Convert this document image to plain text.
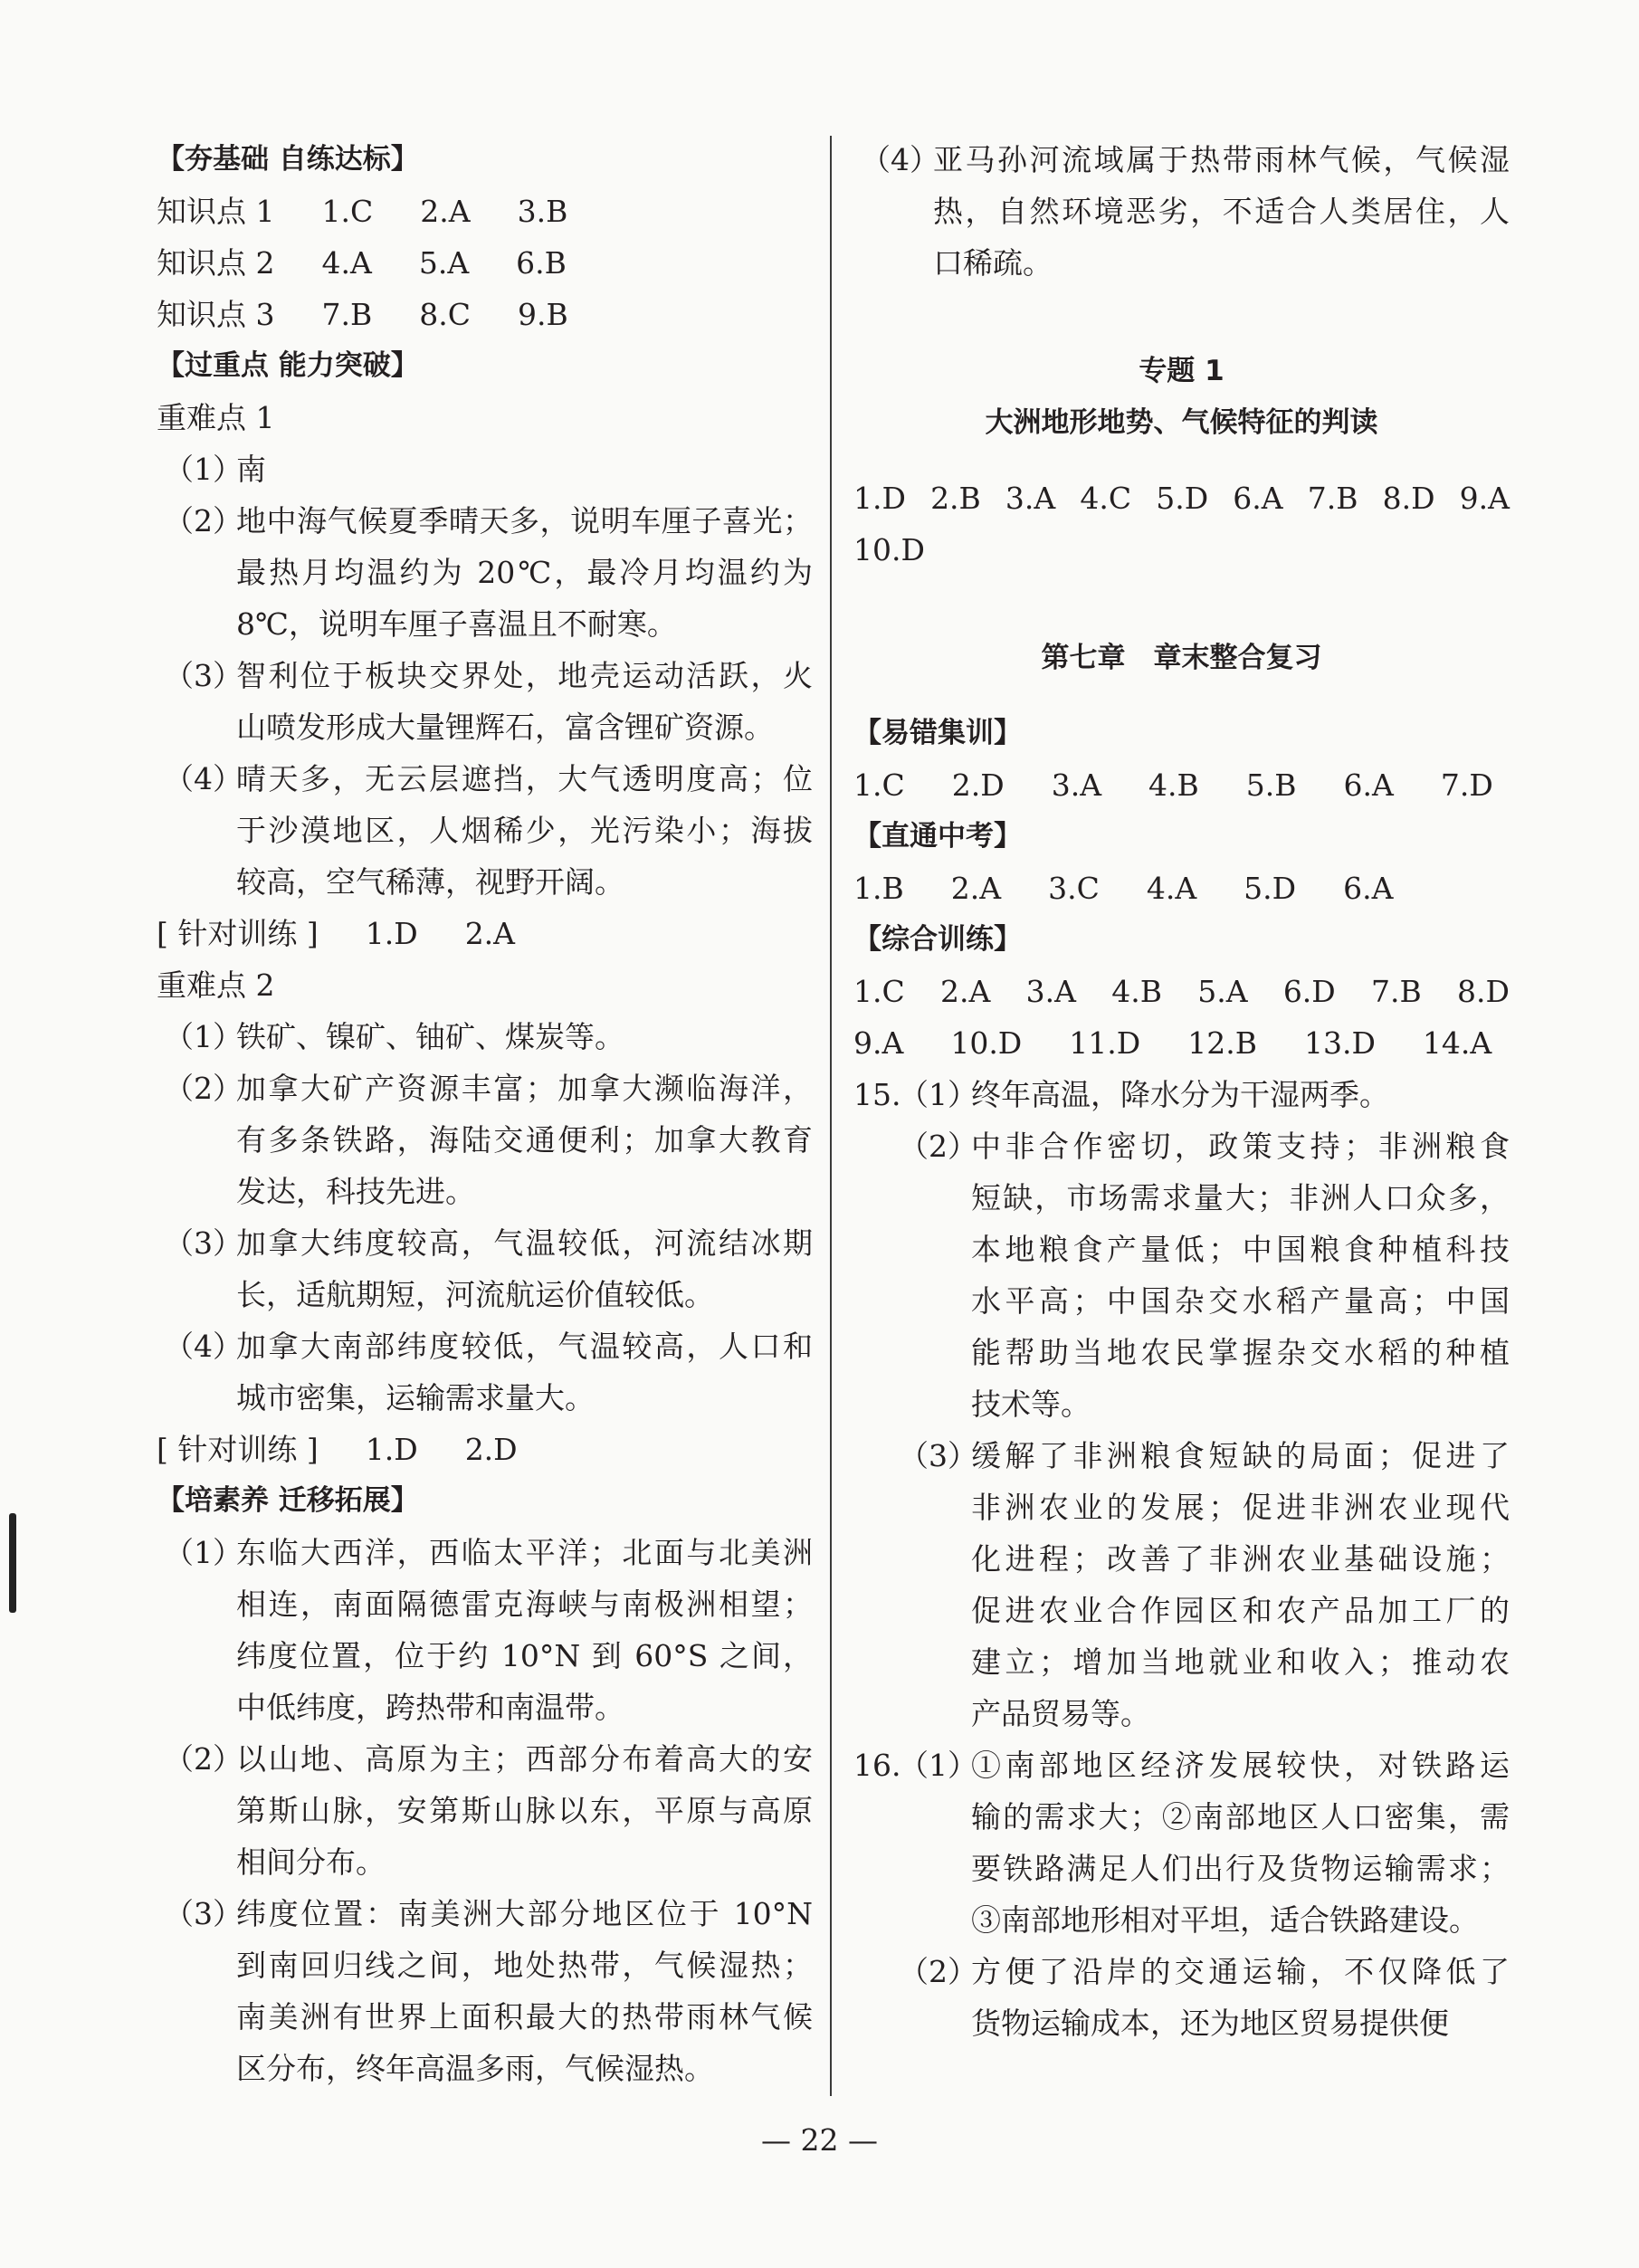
【夯基础 自练达标】
知识点 1 1.C 2.A 3.B
知识点 2 4.A 5.A 6.B
知识点 3 7.B 8.C 9.B
【过重点 能力突破】
重难点 1
（1）
南
（2）
地中海气候夏季晴天多，说明车厘子喜光；
最热月均温约为 20℃，最冷月均温约为
8℃，说明车厘子喜温且不耐寒。
（3）
智利位于板块交界处，地壳运动活跃，火
山喷发形成大量锂辉石，富含锂矿资源。
（4）
晴天多，无云层遮挡，大气透明度高；位
于沙漠地区，人烟稀少，光污染小；海拔
较高，空气稀薄，视野开阔。
[ 针对训练 ] 1.D 2.A
重难点 2
（1）
铁矿、镍矿、铀矿、煤炭等。
（2）
加拿大矿产资源丰富；加拿大濒临海洋，
有多条铁路，海陆交通便利；加拿大教育
发达，科技先进。
（3）
加拿大纬度较高，气温较低，河流结冰期
长，适航期短，河流航运价值较低。
（4）
加拿大南部纬度较低，气温较高，人口和
城市密集，运输需求量大。
[ 针对训练 ] 1.D 2.D
【培素养 迁移拓展】
（1）
东临大西洋，西临太平洋；北面与北美洲
相连，南面隔德雷克海峡与南极洲相望；
纬度位置，位于约 10°N 到 60°S 之间，
中低纬度，跨热带和南温带。
（2）
以山地、高原为主；西部分布着高大的安
第斯山脉，安第斯山脉以东，平原与高原
相间分布。
（3）
纬度位置：南美洲大部分地区位于 10°N
到南回归线之间，地处热带，气候湿热；
南美洲有世界上面积最大的热带雨林气候
区分布，终年高温多雨，气候湿热。
（4）
亚马孙河流域属于热带雨林气候，气候湿
热，自然环境恶劣，不适合人类居住，人
口稀疏。
专题 1
大洲地形地势、气候特征的判读
1.D 2.B 3.A 4.C 5.D 6.A 7.B 8.D 9.A
10.D
第七章　章末整合复习
【易错集训】
1.C 2.D 3.A 4.B 5.B 6.A 7.D
【直通中考】
1.B 2.A 3.C 4.A 5.D 6.A
【综合训练】
1.C 2.A 3.A 4.B 5.A 6.D 7.B 8.D
9.A 10.D 11.D 12.B 13.D 14.A
15.
（1）
终年高温，降水分为干湿两季。
（2）
中非合作密切，政策支持；非洲粮食
短缺，市场需求量大；非洲人口众多，
本地粮食产量低；中国粮食种植科技
水平高；中国杂交水稻产量高；中国
能帮助当地农民掌握杂交水稻的种植
技术等。
（3）
缓解了非洲粮食短缺的局面；促进了
非洲农业的发展；促进非洲农业现代
化进程；改善了非洲农业基础设施；
促进农业合作园区和农产品加工厂的
建立；增加当地就业和收入；推动农
产品贸易等。
16.
（1）
①南部地区经济发展较快，对铁路运
输的需求大；②南部地区人口密集，需
要铁路满足人们出行及货物运输需求；
③南部地形相对平坦，适合铁路建设。
（2）
方便了沿岸的交通运输，不仅降低了
货物运输成本，还为地区贸易提供便
— 22 —
